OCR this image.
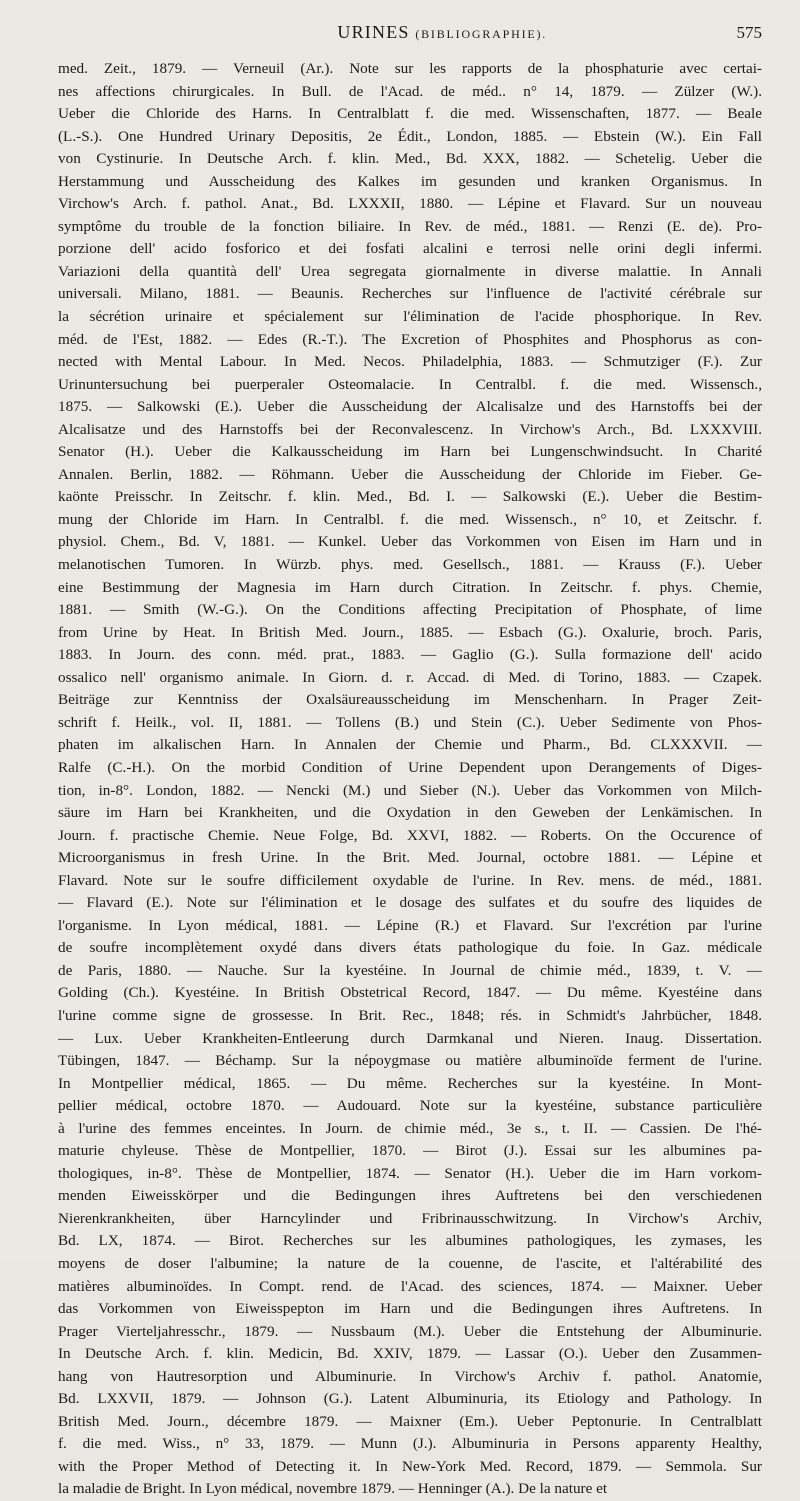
URINES (BIBLIOGRAPHIE).	575
med. Zeit., 1879. — Verneuil (Ar.). Note sur les rapports de la phosphaturie avec certai-
nes affections chirurgicales. In Bull. de l'Acad. de méd.. n° 14, 1879. — Zülzer (W.).
Ueber die Chloride des Harns. In Centralblatt f. die med. Wissenschaften, 1877. — Beale
(L.-S.). One Hundred Urinary Depositis, 2e Édit., London, 1885. — Ebstein (W.). Ein Fall
von Cystinurie. In Deutsche Arch. f. klin. Med., Bd. XXX, 1882. — Schetelig. Ueber die
Herstammung und Ausscheidung des Kalkes im gesunden und kranken Organismus. In
Virchow's Arch. f. pathol. Anat., Bd. LXXXII, 1880. — Lépine et Flavard. Sur un nouveau
symptôme du trouble de la fonction biliaire. In Rev. de méd., 1881. — Renzi (E. de). Pro-
porzione dell' acido fosforico et dei fosfati alcalini e terrosi nelle orini degli infermi.
Variazioni della quantità dell' Urea segregata giornalmente in diverse malattie. In Annali
universali. Milano, 1881. — Beaunis. Recherches sur l'influence de l'activité cérébrale sur
la sécrétion urinaire et spécialement sur l'élimination de l'acide phosphorique. In Rev.
méd. de l'Est, 1882. — Edes (R.-T.). The Excretion of Phosphites and Phosphorus as con-
nected with Mental Labour. In Med. Necos. Philadelphia, 1883. — Schmutziger (F.). Zur
Urinuntersuchung bei puerperaler Osteomalacie. In Centralbl. f. die med. Wissensch.,
1875. — Salkowski (E.). Ueber die Ausscheidung der Alcalisalze und des Harnstoffs bei der
Alcalisatze und des Harnstoffs bei der Reconvalescenz. In Virchow's Arch., Bd. LXXXVIII.
Senator (H.). Ueber die Kalkausscheidung im Harn bei Lungenschwindsucht. In Charité
Annalen. Berlin, 1882. — Röhmann. Ueber die Ausscheidung der Chloride im Fieber. Ge-
kaönte Preisschr. In Zeitschr. f. klin. Med., Bd. I. — Salkowski (E.). Ueber die Bestim-
mung der Chloride im Harn. In Centralbl. f. die med. Wissensch., n° 10, et Zeitschr. f.
physiol. Chem., Bd. V, 1881. — Kunkel. Ueber das Vorkommen von Eisen im Harn und in
melanotischen Tumoren. In Würzb. phys. med. Gesellsch., 1881. — Krauss (F.). Ueber
eine Bestimmung der Magnesia im Harn durch Citration. In Zeitschr. f. phys. Chemie,
1881. — Smith (W.-G.). On the Conditions affecting Precipitation of Phosphate, of lime
from Urine by Heat. In British Med. Journ., 1885. — Esbach (G.). Oxalurie, broch. Paris,
1883. In Journ. des conn. méd. prat., 1883. — Gaglio (G.). Sulla formazione dell' acido
ossalico nell' organismo animale. In Giorn. d. r. Accad. di Med. di Torino, 1883. — Czapek.
Beiträge zur Kenntniss der Oxalsäureausscheidung im Menschenharn. In Prager Zeit-
schrift f. Heilk., vol. II, 1881. — Tollens (B.) und Stein (C.). Ueber Sedimente von Phos-
phaten im alkalischen Harn. In Annalen der Chemie und Pharm., Bd. CLXXXVII. —
Ralfe (C.-H.). On the morbid Condition of Urine Dependent upon Derangements of Diges-
tion, in-8°. London, 1882. — Nencki (M.) und Sieber (N.). Ueber das Vorkommen von Milch-
säure im Harn bei Krankheiten, und die Oxydation in den Geweben der Lenkämischen. In
Journ. f. practische Chemie. Neue Folge, Bd. XXVI, 1882. — Roberts. On the Occurence of
Microorganismus in fresh Urine. In the Brit. Med. Journal, octobre 1881. — Lépine et
Flavard. Note sur le soufre difficilement oxydable de l'urine. In Rev. mens. de méd., 1881.
— Flavard (E.). Note sur l'élimination et le dosage des sulfates et du soufre des liquides de
l'organisme. In Lyon médical, 1881. — Lépine (R.) et Flavard. Sur l'excrétion par l'urine
de soufre incomplètement oxydé dans divers états pathologique du foie. In Gaz. médicale
de Paris, 1880. — Nauche. Sur la kyestéine. In Journal de chimie méd., 1839, t. V. —
Golding (Ch.). Kyestéine. In British Obstetrical Record, 1847. — Du même. Kyestéine dans
l'urine comme signe de grossesse. In Brit. Rec., 1848; rés. in Schmidt's Jahrbücher, 1848.
— Lux. Ueber Krankheiten-Entleerung durch Darmkanal und Nieren. Inaug. Dissertation.
Tübingen, 1847. — Béchamp. Sur la népoygmase ou matière albuminoïde ferment de l'urine.
In Montpellier médical, 1865. — Du même. Recherches sur la kyestéine. In Mont-
pellier médical, octobre 1870. — Audouard. Note sur la kyestéine, substance particulière
à l'urine des femmes enceintes. In Journ. de chimie méd., 3e s., t. II. — Cassien. De l'hé-
maturie chyleuse. Thèse de Montpellier, 1870. — Birot (J.). Essai sur les albumines pa-
thologiques, in-8°. Thèse de Montpellier, 1874. — Senator (H.). Ueber die im Harn vorkom-
menden Eiweisskörper und die Bedingungen ihres Auftretens bei den verschiedenen
Nierenkrankheiten, über Harncylinder und Fribrinausschwitzung. In Virchow's Archiv,
Bd. LX, 1874. — Birot. Recherches sur les albumines pathologiques, les zymases, les
moyens de doser l'albumine; la nature de la couenne, de l'ascite, et l'altérabilité des
matières albuminoïdes. In Compt. rend. de l'Acad. des sciences, 1874. — Maixner. Ueber
das Vorkommen von Eiweisspepton im Harn und die Bedingungen ihres Auftretens. In
Prager Vierteljahresschr., 1879. — Nussbaum (M.). Ueber die Entstehung der Albuminurie.
In Deutsche Arch. f. klin. Medicin, Bd. XXIV, 1879. — Lassar (O.). Ueber den Zusammen-
hang von Hautresorption und Albuminurie. In Virchow's Archiv f. pathol. Anatomie,
Bd. LXXVII, 1879. — Johnson (G.). Latent Albuminuria, its Etiology and Pathology. In
British Med. Journ., décembre 1879. — Maixner (Em.). Ueber Peptonurie. In Centralblatt
f. die med. Wiss., n° 33, 1879. — Munn (J.). Albuminuria in Persons apparenty Healthy,
with the Proper Method of Detecting it. In New-York Med. Record, 1879. — Semmola. Sur
la maladie de Bright. In Lyon médical, novembre 1879. — Henninger (A.). De la nature et
